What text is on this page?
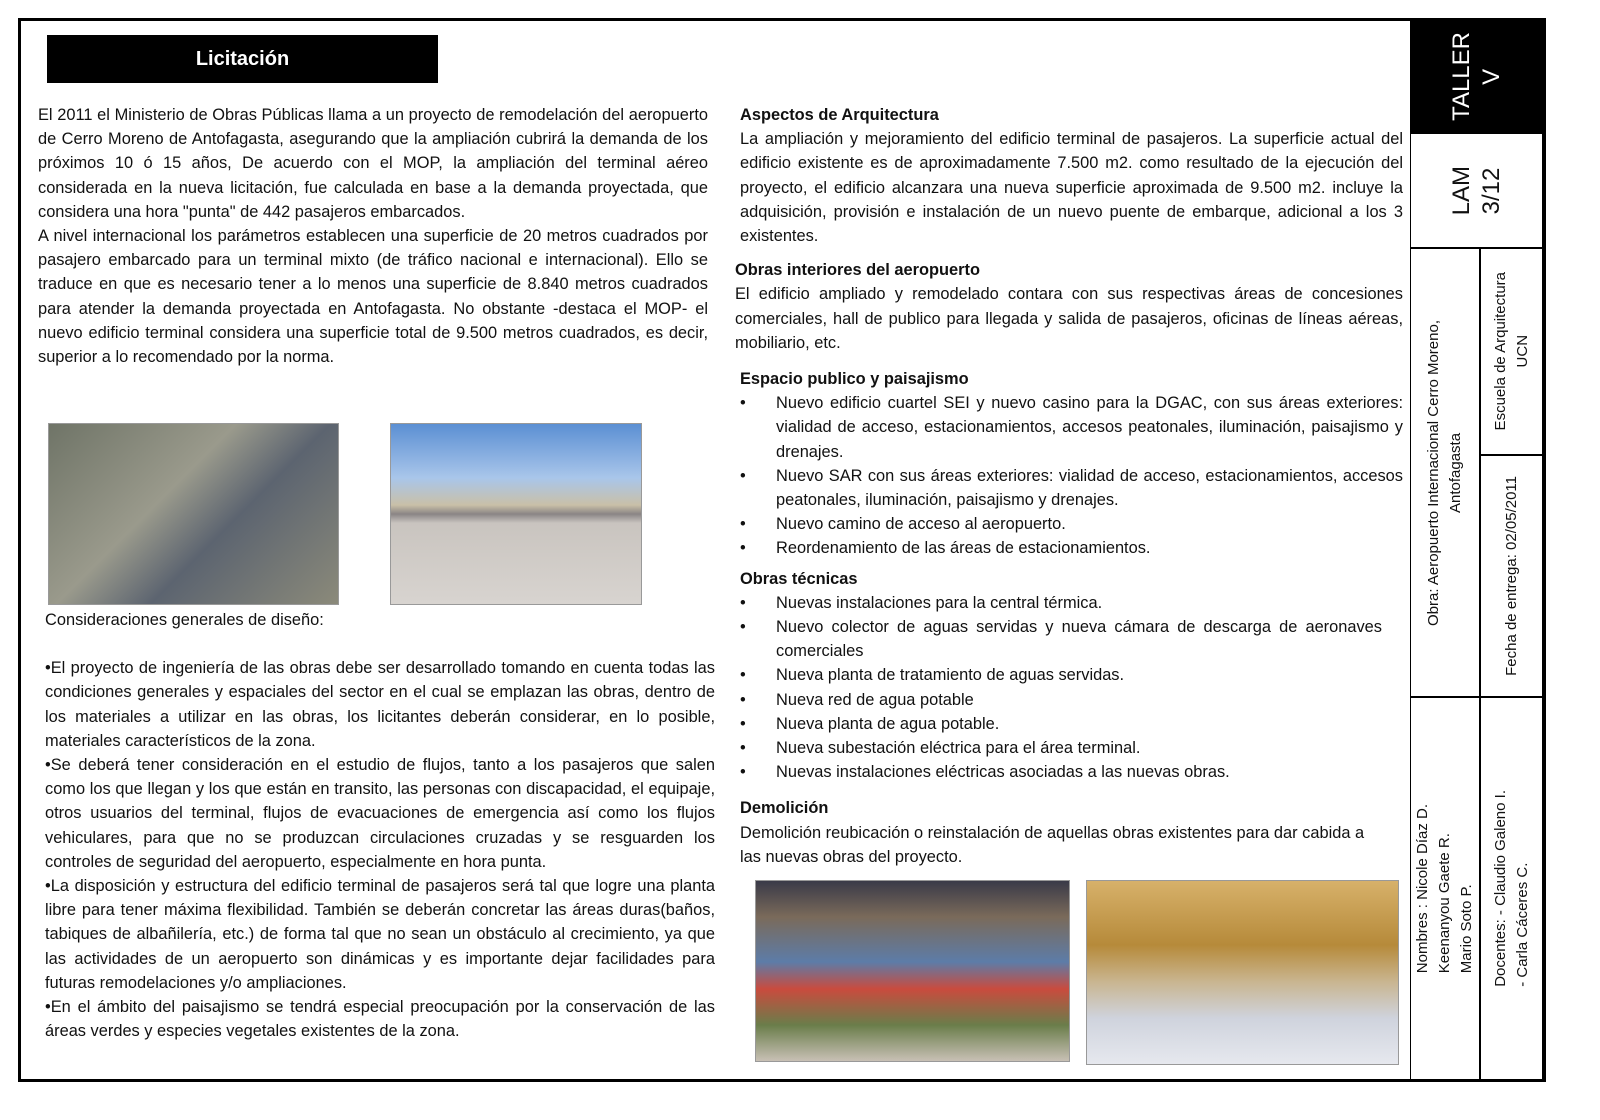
Licitación

El 2011 el Ministerio de Obras Públicas llama a un proyecto de remodelación del aeropuerto de Cerro Moreno de Antofagasta, asegurando que la ampliación cubrirá la demanda de los próximos 10 ó 15 años, De acuerdo con el MOP, la ampliación del terminal aéreo considerada en la nueva licitación, fue calculada en base a la demanda proyectada, que considera una hora "punta" de 442 pasajeros embarcados.

A nivel internacional los parámetros establecen una superficie de 20 metros cuadrados por pasajero embarcado para un terminal mixto (de tráfico nacional e internacional). Ello se traduce en que es necesario tener a lo menos una superficie de 8.840 metros cuadrados para atender la demanda proyectada en Antofagasta. No obstante -destaca el MOP- el nuevo edificio terminal considera una superficie total de 9.500 metros cuadrados, es decir, superior a lo recomendado por la norma.

Consideraciones generales de diseño:

•El proyecto de ingeniería de las obras debe ser desarrollado tomando en cuenta todas las condiciones generales y espaciales del sector en el cual se emplazan las obras, dentro de los materiales a utilizar en las obras, los licitantes deberán considerar, en lo posible, materiales característicos de la zona.

•Se deberá tener consideración en el estudio de flujos, tanto a los pasajeros que salen como los que llegan y los que están en transito, las personas con discapacidad, el equipaje, otros usuarios del terminal, flujos de evacuaciones de emergencia así como los flujos vehiculares, para que no se produzcan circulaciones cruzadas y se resguarden los controles de seguridad del aeropuerto, especialmente en hora punta.

•La disposición y estructura del edificio terminal de pasajeros será tal que logre una planta libre para tener máxima flexibilidad. También se deberán concretar las áreas duras(baños, tabiques de albañilería, etc.) de forma tal que no sean un obstáculo al crecimiento, ya que las actividades de un aeropuerto son dinámicas y es importante dejar facilidades para futuras remodelaciones y/o ampliaciones.

•En el ámbito del paisajismo se tendrá especial preocupación por la conservación de las áreas verdes y especies vegetales existentes de la zona.

Aspectos de Arquitectura

La ampliación y mejoramiento del edificio terminal de pasajeros. La superficie actual del edificio existente es de aproximadamente 7.500 m2. como resultado de la ejecución del proyecto, el edificio alcanzara una nueva superficie aproximada de 9.500 m2. incluye la adquisición, provisión e instalación de un nuevo puente de embarque, adicional a los 3 existentes.

Obras interiores del aeropuerto

El edificio ampliado y remodelado contara con sus respectivas áreas de concesiones comerciales, hall de publico para llegada y salida de pasajeros, oficinas de líneas aéreas, mobiliario, etc.

Espacio publico y paisajismo

• Nuevo edificio cuartel SEI y nuevo casino para la DGAC, con sus áreas exteriores: vialidad de acceso, estacionamientos, accesos peatonales, iluminación, paisajismo y drenajes.
• Nuevo SAR con sus áreas exteriores: vialidad de acceso, estacionamientos, accesos peatonales, iluminación, paisajismo y drenajes.
• Nuevo camino de acceso al aeropuerto.
• Reordenamiento de las áreas de estacionamientos.

Obras técnicas

• Nuevas instalaciones para la central térmica.
• Nuevo colector de aguas servidas y nueva cámara de descarga de aeronaves comerciales
• Nueva planta de tratamiento de aguas servidas.
• Nueva red de agua potable
• Nueva planta de agua potable.
• Nueva subestación eléctrica para el área terminal.
• Nuevas instalaciones eléctricas asociadas a las nuevas obras.

Demolición

Demolición reubicación o reinstalación de aquellas obras existentes para dar cabida a las nuevas obras del proyecto.

TALLER V
LAM 3/12
Obra: Aeropuerto Internacional Cerro Moreno, Antofagasta
Escuela de Arquitectura UCN
Fecha de entrega: 02/05/2011
Nombres : Nicole Díaz D. Keenanyou Gaete R. Mario Soto P. Docentes: - Claudio Galeno I. - Carla Cáceres C.
